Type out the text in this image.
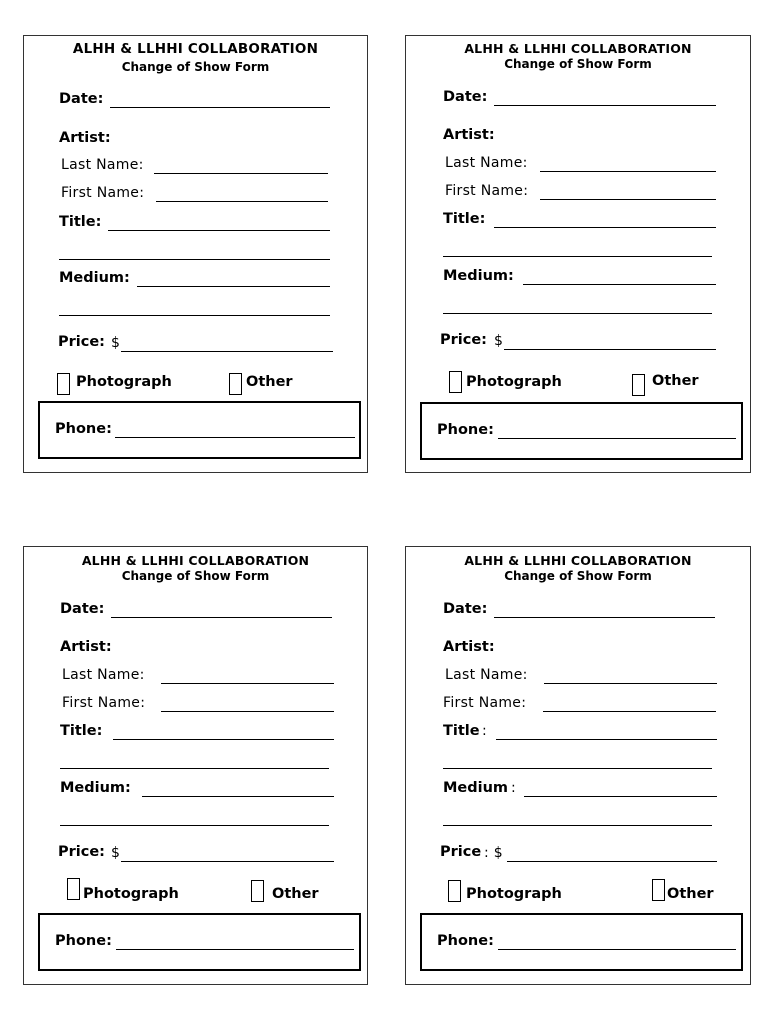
ALHH & LLHHI COLLABORATION
Change of Show Form
Date:
Artist:
Last Name:
First Name:
Title:
Medium:
Price: $
Photograph	Other
Phone:
ALHH & LLHHI COLLABORATION
Change of Show Form
Date:
Artist:
Last Name:
First Name:
Title:
Medium:
Price: $
Photograph	Other
Phone:
ALHH & LLHHI COLLABORATION
Change of Show Form
Date:
Artist:
Last Name:
First Name:
Title:
Medium:
Price: $
Photograph	Other
Phone:
ALHH & LLHHI COLLABORATION
Change of Show Form
Date:
Artist:
Last Name:
First Name:
Title :
Medium :
Price : $
Photograph	Other
Phone:
